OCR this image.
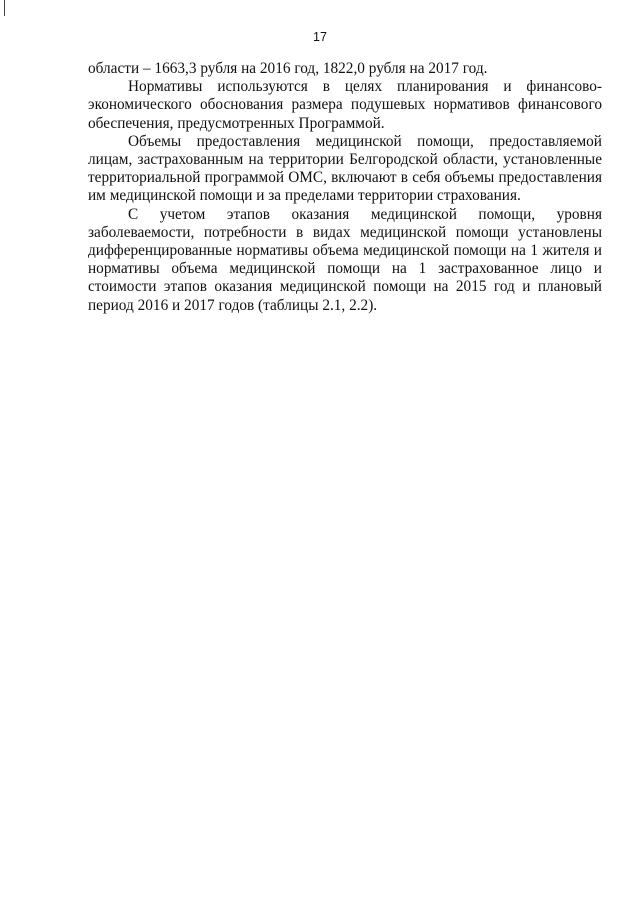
17

области – 1663,3 рубля на 2016 год, 1822,0 рубля на 2017 год.

Нормативы используются в целях планирования и финансово-экономического обоснования размера подушевых нормативов финансового обеспечения, предусмотренных Программой.

Объемы предоставления медицинской помощи, предоставляемой лицам, застрахованным на территории Белгородской области, установленные территориальной программой ОМС, включают в себя объемы предоставления им медицинской помощи и за пределами территории страхования.

С учетом этапов оказания медицинской помощи, уровня заболеваемости, потребности в видах медицинской помощи установлены дифференцированные нормативы объема медицинской помощи на 1 жителя и нормативы объема медицинской помощи на 1 застрахованное лицо и стоимости этапов оказания медицинской помощи на 2015 год и плановый период 2016 и 2017 годов (таблицы 2.1, 2.2).
